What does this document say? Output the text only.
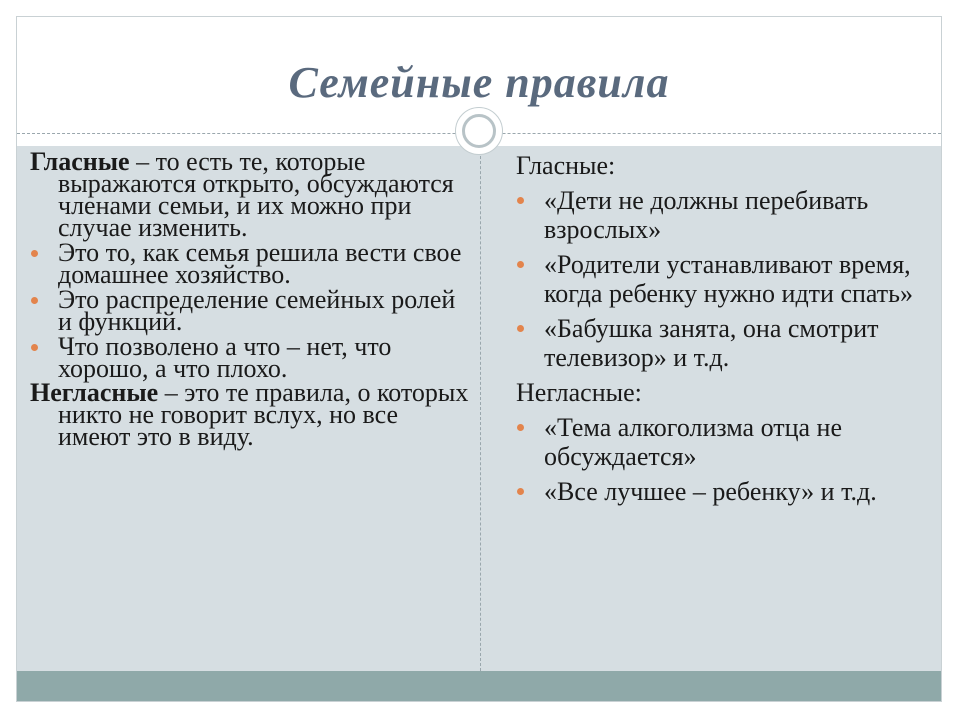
Семейные правила

Гласные – то есть те, которые выражаются открыто, обсуждаются членами семьи, и их можно при случае изменить.

Это то, как семья решила вести свое домашнее хозяйство.
Это распределение семейных ролей и функций.
Что позволено а что – нет, что хорошо, а что плохо.

Негласные – это те правила, о которых никто не говорит вслух, но все имеют это в виду.

Гласные:

«Дети не должны перебивать взрослых»
«Родители устанавливают время, когда ребенку нужно идти спать»
«Бабушка занята, она смотрит телевизор» и т.д.

Негласные:

«Тема алкоголизма отца не обсуждается»
«Все лучшее – ребенку» и т.д.
